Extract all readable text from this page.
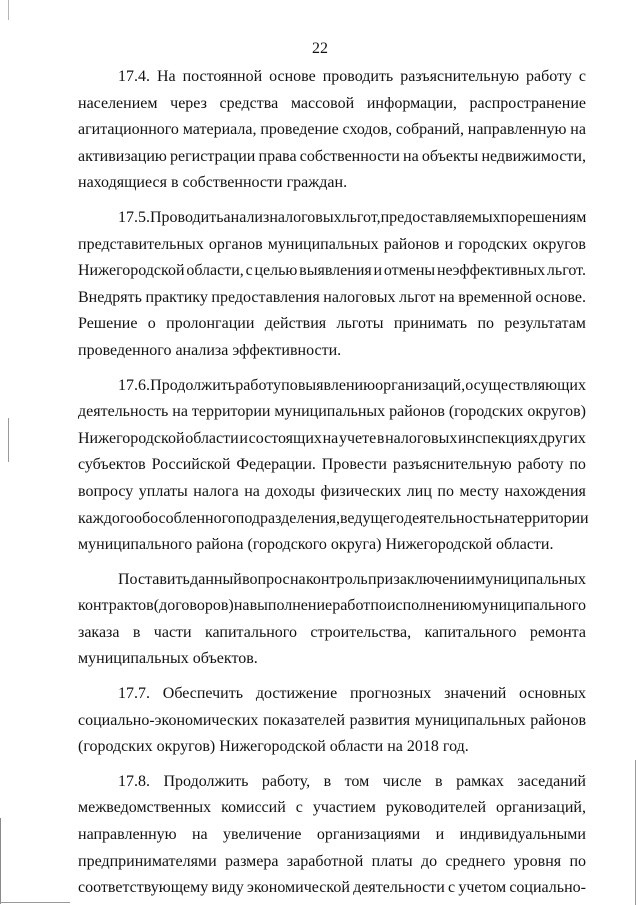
22
17.4. На постоянной основе проводить разъяснительную работу с
населением через средства массовой информации, распространение
агитационного материала, проведение сходов, собраний, направленную на
активизацию регистрации права собственности на объекты недвижимости,
находящиеся в собственности граждан.
17.5. Проводить анализ налоговых льгот, предоставляемых по решениям
представительных органов муниципальных районов и городских округов
Нижегородской области, с целью выявления и отмены неэффективных льгот.
Внедрять практику предоставления налоговых льгот на временной основе.
Решение о пролонгации действия льготы принимать по результатам
проведенного анализа эффективности.
17.6. Продолжить работу по выявлению организаций, осуществляющих
деятельность на территории муниципальных районов (городских округов)
Нижегородской области и состоящих на учете в налоговых инспекциях других
субъектов Российской Федерации. Провести разъяснительную работу по
вопросу уплаты налога на доходы физических лиц по месту нахождения
каждого обособленного подразделения, ведущего деятельность на территории
муниципального района (городского округа) Нижегородской области.
Поставить данный вопрос на контроль при заключении муниципальных
контрактов (договоров) на выполнение работ по исполнению муниципального
заказа в части капитального строительства, капитального ремонта
муниципальных объектов.
17.7. Обеспечить достижение прогнозных значений основных
социально-экономических показателей развития муниципальных районов
(городских округов) Нижегородской области на 2018 год.
17.8. Продолжить работу, в том числе в рамках заседаний
межведомственных комиссий с участием руководителей организаций,
направленную на увеличение организациями и индивидуальными
предпринимателями размера заработной платы до среднего уровня по
соответствующему виду экономической деятельности с учетом социально-
